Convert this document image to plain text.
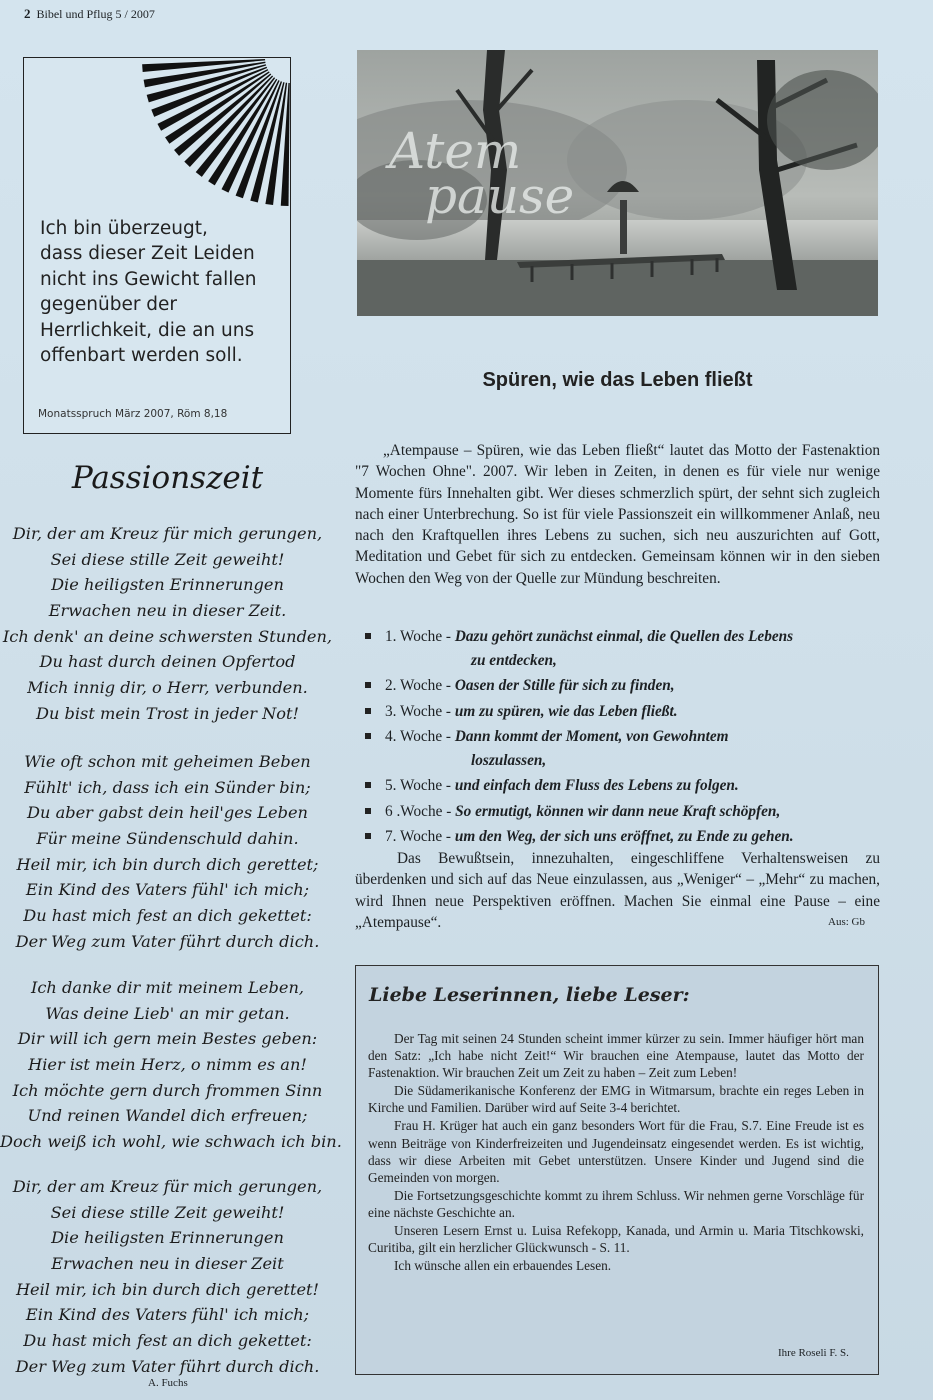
2 Bibel und Pflug 5 / 2007
Ich bin überzeugt,
dass dieser Zeit Leiden
nicht ins Gewicht fallen
gegenüber der
Herrlichkeit, die an uns
offenbart werden soll.
Monatsspruch März 2007, Röm 8,18
Passionszeit
Dir, der am Kreuz für mich gerungen,
Sei diese stille Zeit geweiht!
Die heiligsten Erinnerungen
Erwachen neu in dieser Zeit.
Ich denk' an deine schwersten Stunden,
Du hast durch deinen Opfertod
Mich innig dir, o Herr, verbunden.
Du bist mein Trost in jeder Not!
Wie oft schon mit geheimen Beben
Fühlt' ich, dass ich ein Sünder bin;
Du aber gabst dein heil'ges Leben
Für meine Sündenschuld dahin.
Heil mir, ich bin durch dich gerettet;
Ein Kind des Vaters fühl' ich mich;
Du hast mich fest an dich gekettet:
Der Weg zum Vater führt durch dich.
Ich danke dir mit meinem Leben,
Was deine Lieb' an mir getan.
Dir will ich gern mein Bestes geben:
Hier ist mein Herz, o nimm es an!
Ich möchte gern durch frommen Sinn
Und reinen Wandel dich erfreuen;
Doch weiß ich wohl, wie schwach ich bin.
Dir, der am Kreuz für mich gerungen,
Sei diese stille Zeit geweiht!
Die heiligsten Erinnerungen
Erwachen neu in dieser Zeit
Heil mir, ich bin durch dich gerettet!
Ein Kind des Vaters fühl' ich mich;
Du hast mich fest an dich gekettet:
Der Weg zum Vater führt durch dich.
A. Fuchs
Atem
pause
Spüren, wie das Leben fließt
„Atempause – Spüren, wie das Leben fließt“ lautet das Motto der Fastenaktion "7 Wochen Ohne". 2007. Wir leben in Zeiten, in denen es für viele nur wenige Momente fürs Innehalten gibt. Wer dieses schmerzlich spürt, der sehnt sich zugleich nach einer Unterbrechung. So ist für viele Passionszeit ein willkommener Anlaß, neu nach den Kraftquellen ihres Lebens zu suchen, sich neu auszurichten auf Gott, Meditation und Gebet für sich zu entdecken. Gemeinsam können wir in den sieben Wochen den Weg von der Quelle zur Mündung beschreiten.
1. Woche - Dazu gehört zunächst einmal, die Quellen des Lebens
zu entdecken,
2. Woche - Oasen der Stille für sich zu finden,
3. Woche - um zu spüren, wie das Leben fließt.
4. Woche - Dann kommt der Moment, von Gewohntem
loszulassen,
5. Woche - und einfach dem Fluss des Lebens zu folgen.
6 .Woche - So ermutigt, können wir dann neue Kraft schöpfen,
7. Woche - um den Weg, der sich uns eröffnet, zu Ende zu gehen.
Das Bewußtsein, innezuhalten, eingeschliffene Verhaltensweisen zu überdenken und sich auf das Neue einzulassen, aus „Weniger“ – „Mehr“ zu machen, wird Ihnen neue Perspektiven eröffnen. Machen Sie einmal eine Pause – eine „Atempause“.	Aus: Gb
Liebe Leserinnen, liebe Leser:

Der Tag mit seinen 24 Stunden scheint immer kürzer zu sein. Immer häufiger hört man den Satz: „Ich habe nicht Zeit!“ Wir brauchen eine Atempause, lautet das Motto der Fastenaktion. Wir brauchen Zeit um Zeit zu haben – Zeit zum Leben!

Die Südamerikanische Konferenz der EMG in Witmarsum, brachte ein reges Leben in Kirche und Familien. Darüber wird auf Seite 3-4 berichtet.

Frau H. Krüger hat auch ein ganz besonders Wort für die Frau, S.7. Eine Freude ist es wenn Beiträge von Kinderfreizeiten und Jugendeinsatz eingesendet werden. Es ist wichtig, dass wir diese Arbeiten mit Gebet unterstützen. Unsere Kinder und Jugend sind die Gemeinden von morgen.

Die Fortsetzungsgeschichte kommt zu ihrem Schluss. Wir nehmen gerne Vorschläge für eine nächste Geschichte an.

Unseren Lesern Ernst u. Luisa Refekopp, Kanada, und Armin u. Maria Titschkowski, Curitiba, gilt ein herzlicher Glückwunsch - S. 11.

Ich wünsche allen ein erbauendes Lesen.

Ihre Roseli F. S.
